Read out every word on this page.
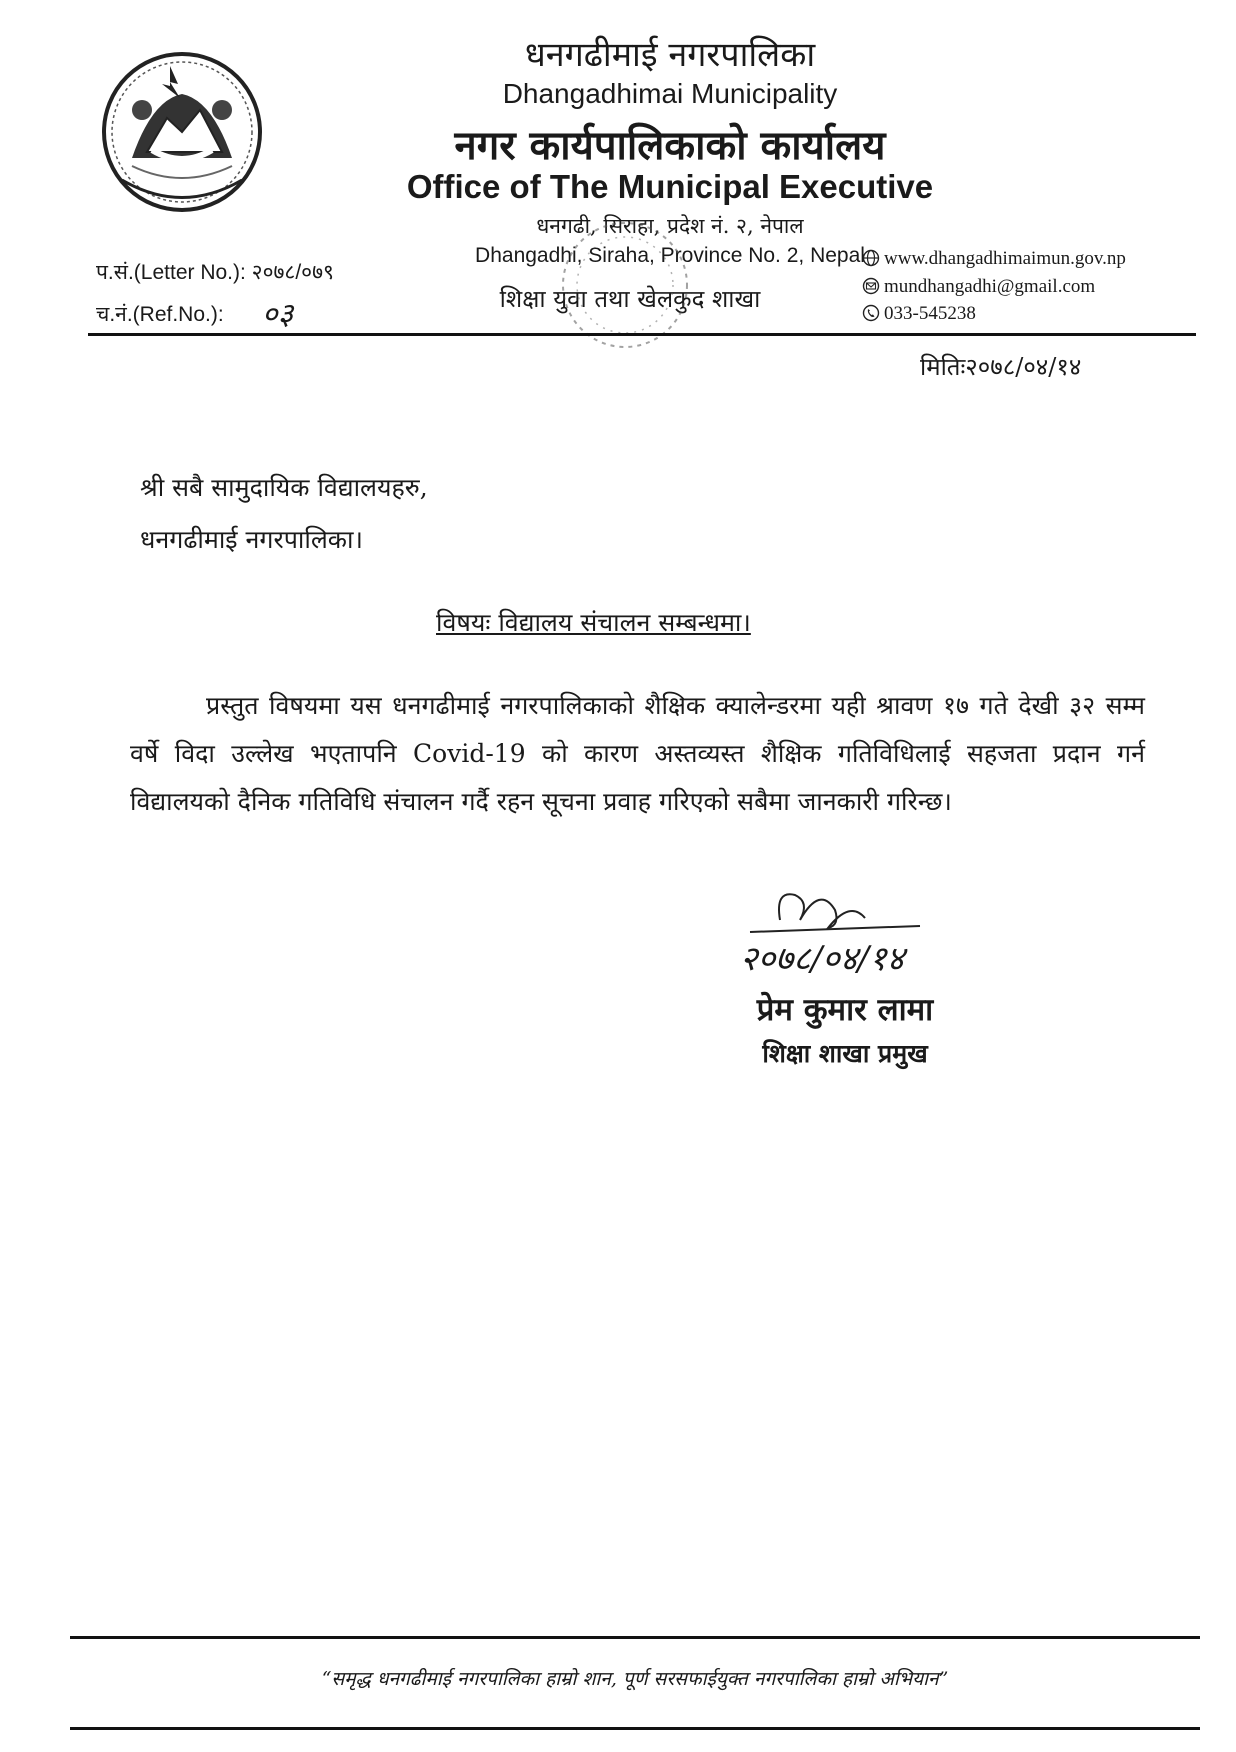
धनगढीमाई नगरपालिका
Dhangadhimai Municipality
नगर कार्यपालिकाको कार्यालय
Office of The Municipal Executive
धनगढी, सिराहा, प्रदेश नं. २, नेपाल
Dhangadhi, Siraha, Province No. 2, Nepal
शिक्षा युवा तथा खेलकुद शाखा
www.dhangadhimaimun.gov.np
mundhangadhi@gmail.com
033-545238
प.सं.(Letter No.): २०७८/०७९
च.नं.(Ref.No.): ०३
मितिः२०७८/०४/१४
श्री सबै सामुदायिक विद्यालयहरु,
धनगढीमाई नगरपालिका।
विषयः विद्यालय संचालन सम्बन्धमा।
प्रस्तुत विषयमा यस धनगढीमाई नगरपालिकाको शैक्षिक क्यालेन्डरमा यही श्रावण १७ गते देखी ३२ सम्म वर्षे विदा उल्लेख भएतापनि Covid-19 को कारण अस्तव्यस्त शैक्षिक गतिविधिलाई सहजता प्रदान गर्न विद्यालयको दैनिक गतिविधि संचालन गर्दै रहन सूचना प्रवाह गरिएको सबैमा जानकारी गरिन्छ।
२०७८/०४/१४
प्रेम कुमार लामा
शिक्षा शाखा प्रमुख
“समृद्ध धनगढीमाई नगरपालिका हाम्रो शान, पूर्ण सरसफाईयुक्त नगरपालिका हाम्रो अभियान”
